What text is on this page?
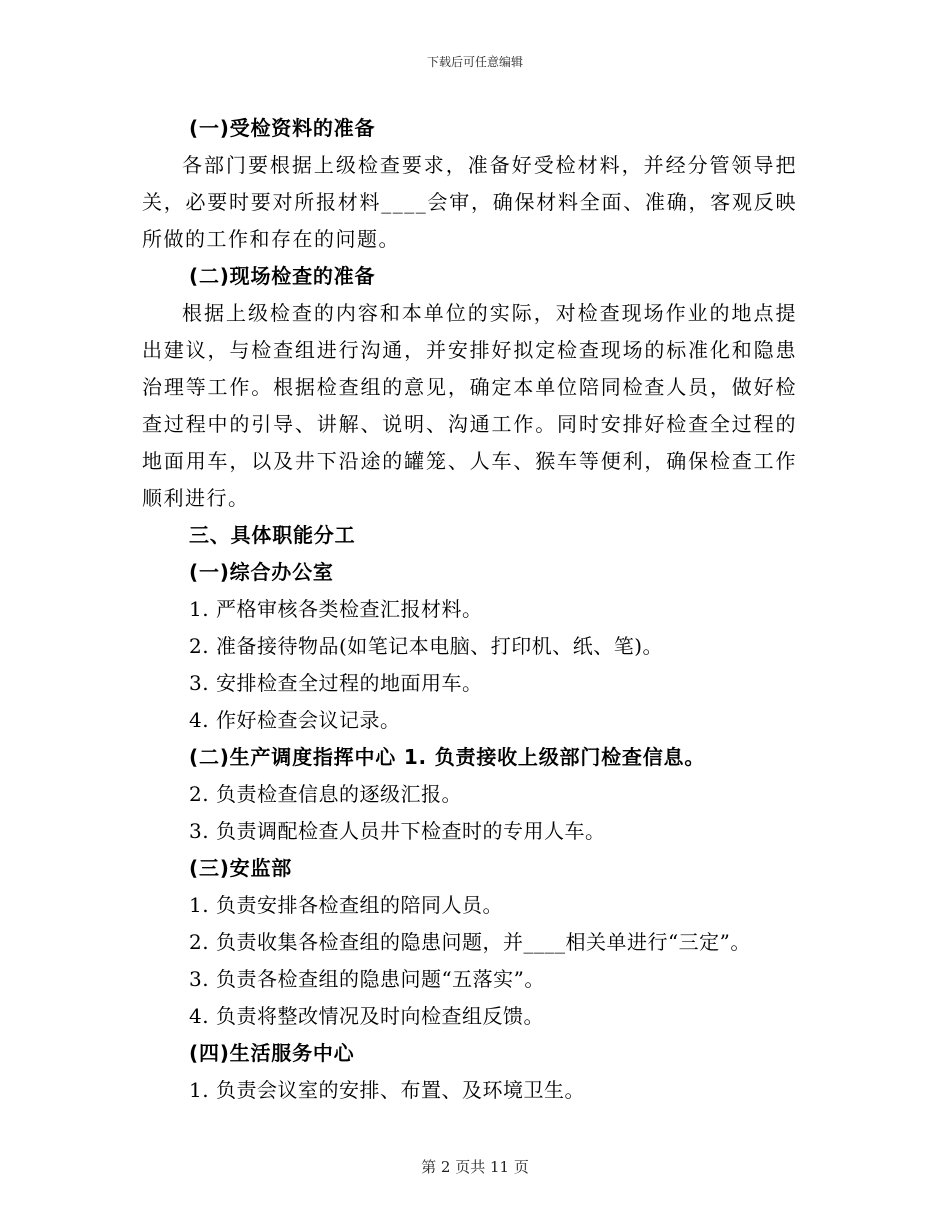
下载后可任意编辑
(一)受检资料的准备

各部门要根据上级检查要求，准备好受检材料，并经分管领导把关，必要时要对所报材料____会审，确保材料全面、准确，客观反映所做的工作和存在的问题。

(二)现场检查的准备

根据上级检查的内容和本单位的实际，对检查现场作业的地点提出建议，与检查组进行沟通，并安排好拟定检查现场的标准化和隐患治理等工作。根据检查组的意见，确定本单位陪同检查人员，做好检查过程中的引导、讲解、说明、沟通工作。同时安排好检查全过程的地面用车，以及井下沿途的罐笼、人车、猴车等便利，确保检查工作顺利进行。

三、具体职能分工
(一)综合办公室
1. 严格审核各类检查汇报材料。
2. 准备接待物品(如笔记本电脑、打印机、纸、笔)。
3. 安排检查全过程的地面用车。
4. 作好检查会议记录。
(二)生产调度指挥中心 1. 负责接收上级部门检查信息。
2. 负责检查信息的逐级汇报。
3. 负责调配检查人员井下检查时的专用人车。
(三)安监部
1. 负责安排各检查组的陪同人员。
2. 负责收集各检查组的隐患问题，并____相关单进行“三定”。
3. 负责各检查组的隐患问题“五落实”。
4. 负责将整改情况及时向检查组反馈。
(四)生活服务中心
1. 负责会议室的安排、布置、及环境卫生。
第 2 页共 11 页
